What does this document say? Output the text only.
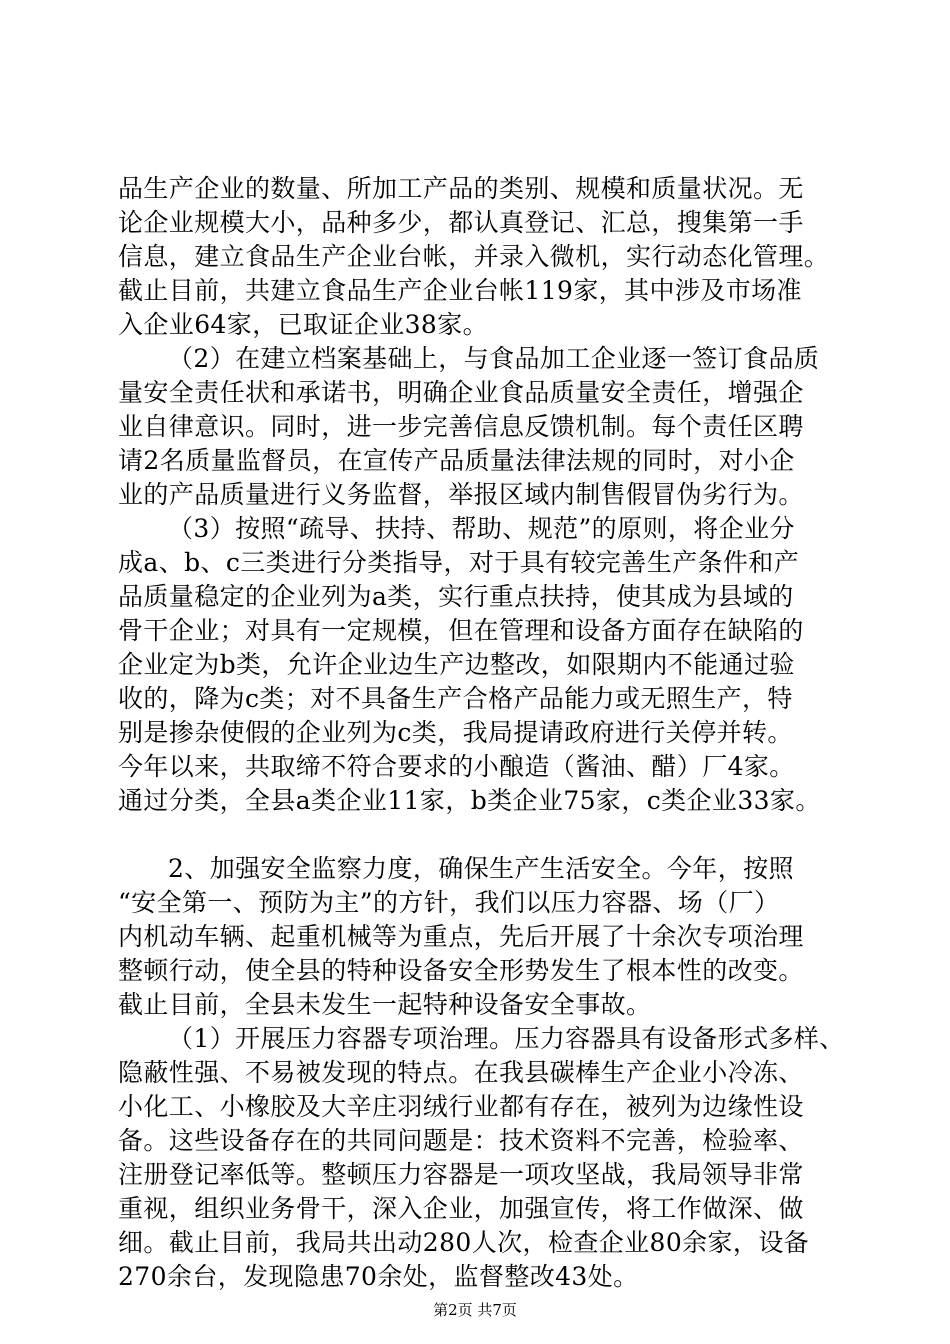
品生产企业的数量、所加工产品的类别、规模和质量状况。无
论企业规模大小，品种多少，都认真登记、汇总，搜集第一手
信息，建立食品生产企业台帐，并录入微机，实行动态化管理。
截止目前，共建立食品生产企业台帐119家，其中涉及市场准
入企业64家，已取证企业38家。
（2）在建立档案基础上，与食品加工企业逐一签订食品质
量安全责任状和承诺书，明确企业食品质量安全责任，增强企
业自律意识。同时，进一步完善信息反馈机制。每个责任区聘
请2名质量监督员，在宣传产品质量法律法规的同时，对小企
业的产品质量进行义务监督，举报区域内制售假冒伪劣行为。
（3）按照“疏导、扶持、帮助、规范”的原则，将企业分
成a、b、c三类进行分类指导，对于具有较完善生产条件和产
品质量稳定的企业列为a类，实行重点扶持，使其成为县域的
骨干企业；对具有一定规模，但在管理和设备方面存在缺陷的
企业定为b类，允许企业边生产边整改，如限期内不能通过验
收的，降为c类；对不具备生产合格产品能力或无照生产，特
别是掺杂使假的企业列为c类，我局提请政府进行关停并转。
今年以来，共取缔不符合要求的小酿造（酱油、醋）厂4家。
通过分类，全县a类企业11家，b类企业75家，c类企业33家。
2、加强安全监察力度，确保生产生活安全。今年，按照
“安全第一、预防为主”的方针，我们以压力容器、场（厂）
内机动车辆、起重机械等为重点，先后开展了十余次专项治理
整顿行动，使全县的特种设备安全形势发生了根本性的改变。
截止目前，全县未发生一起特种设备安全事故。
（1）开展压力容器专项治理。压力容器具有设备形式多样、
隐蔽性强、不易被发现的特点。在我县碳棒生产企业小冷冻、
小化工、小橡胶及大辛庄羽绒行业都有存在，被列为边缘性设
备。这些设备存在的共同问题是：技术资料不完善，检验率、
注册登记率低等。整顿压力容器是一项攻坚战，我局领导非常
重视，组织业务骨干，深入企业，加强宣传，将工作做深、做
细。截止目前，我局共出动280人次，检查企业80余家，设备
270余台，发现隐患70余处，监督整改43处。
第2页 共7页
